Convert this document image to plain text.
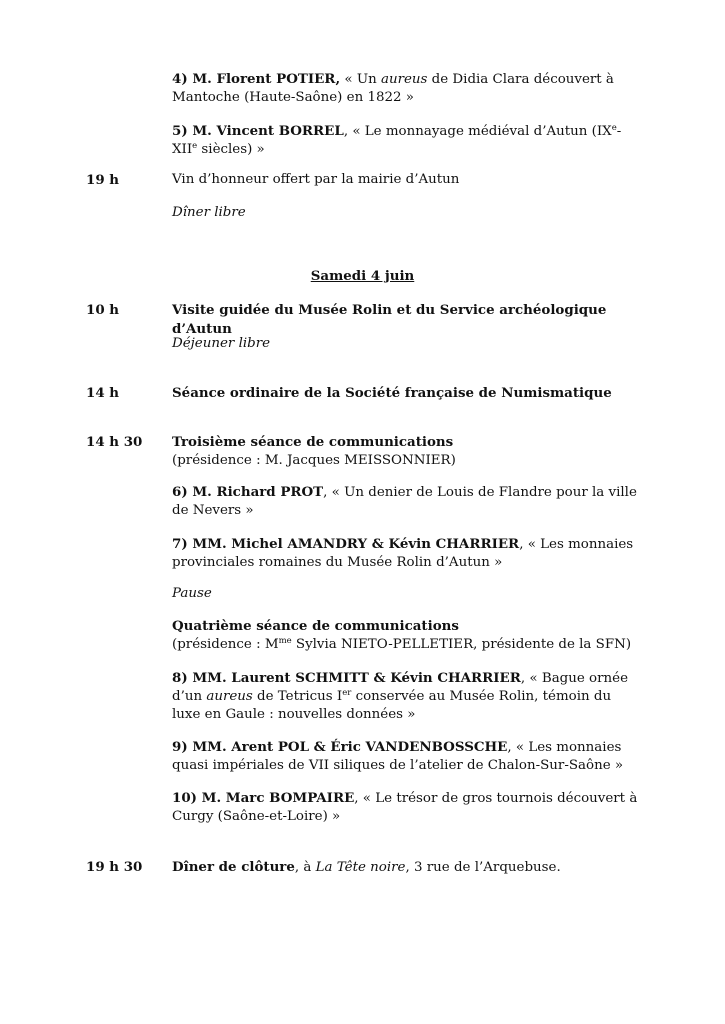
4) M. Florent POTIER, « Un aureus de Didia Clara découvert à Mantoche (Haute-Saône) en 1822 »

5) M. Vincent BORREL, « Le monnayage médiéval d’Autun (IXe-XIIe siècles) »

19 h	Vin d’honneur offert par la mairie d’Autun
Dîner libre
Samedi 4 juin
10 h	Visite guidée du Musée Rolin et du Service archéologique d’Autun
Déjeuner libre
14 h	Séance ordinaire de la Société française de Numismatique
14 h 30	Troisième séance de communications

(présidence : M. Jacques MEISSONNIER)

6) M. Richard PROT, « Un denier de Louis de Flandre pour la ville de Nevers »

7) MM. Michel AMANDRY & Kévin CHARRIER, « Les monnaies provinciales romaines du Musée Rolin d’Autun »

Pause

Quatrième séance de communications

(présidence : $M^{me}$ Sylvia NIETO-PELLETIER, présidente de la SFN)

8) MM. Laurent SCHMITT & Kévin CHARRIER, « Bague ornée d’un aureus de Tetricus Ier conservée au Musée Rolin, témoin du luxe en Gaule : nouvelles données »

9) MM. Arent POL & Éric VANDENBOSSCHE, « Les monnaies quasi impériales de VII siliques de l’atelier de Chalon-Sur-Saône »

10) M. Marc BOMPAIRE, « Le trésor de gros tournois découvert à Curgy (Saône-et-Loire) »

19 h 30	Dîner de clôture, à La Tête noire, 3 rue de l’Arquebuse.
